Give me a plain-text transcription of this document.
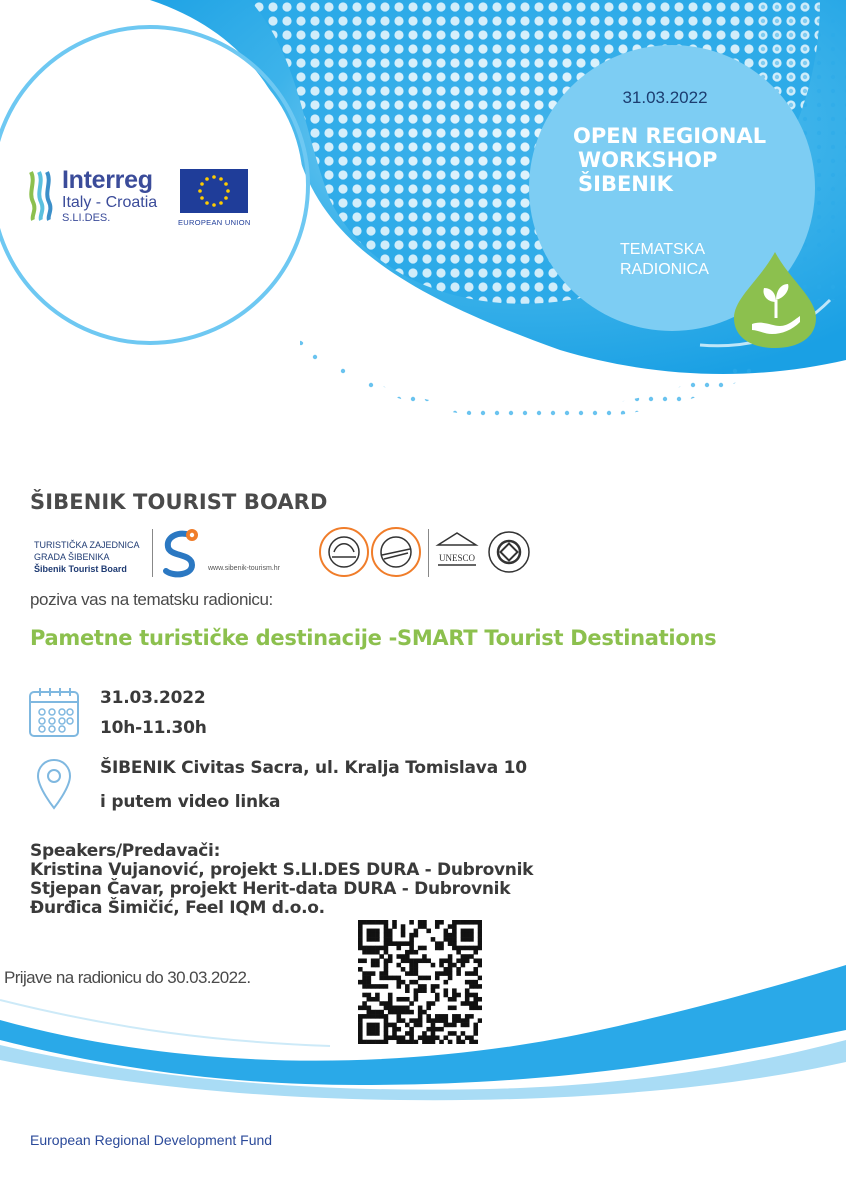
Interreg
Italy - Croatia
S.LI.DES.	EUROPEAN UNION
31.03.2022
OPEN REGIONAL
WORKSHOP
ŠIBENIK
TEMATSKA
RADIONICA
ŠIBENIK TOURIST BOARD
TURISTIČKA ZAJEDNICA
GRADA ŠIBENIKA
Šibenik Tourist Board	www.sibenik-tourism.hr
UNESCO
poziva vas na tematsku radionicu:
Pametne turističke destinacije -SMART Tourist Destinations
31.03.2022
10h-11.30h
ŠIBENIK Civitas Sacra, ul. Kralja Tomislava 10
i putem video linka
Speakers/Predavači:
Kristina Vujanović, projekt S.LI.DES DURA - Dubrovnik
Stjepan Čavar, projekt Herit-data DURA - Dubrovnik
Đurđica Šimičić, Feel IQM d.o.o.
Prijave na radionicu do 30.03.2022.
European Regional Development Fund
